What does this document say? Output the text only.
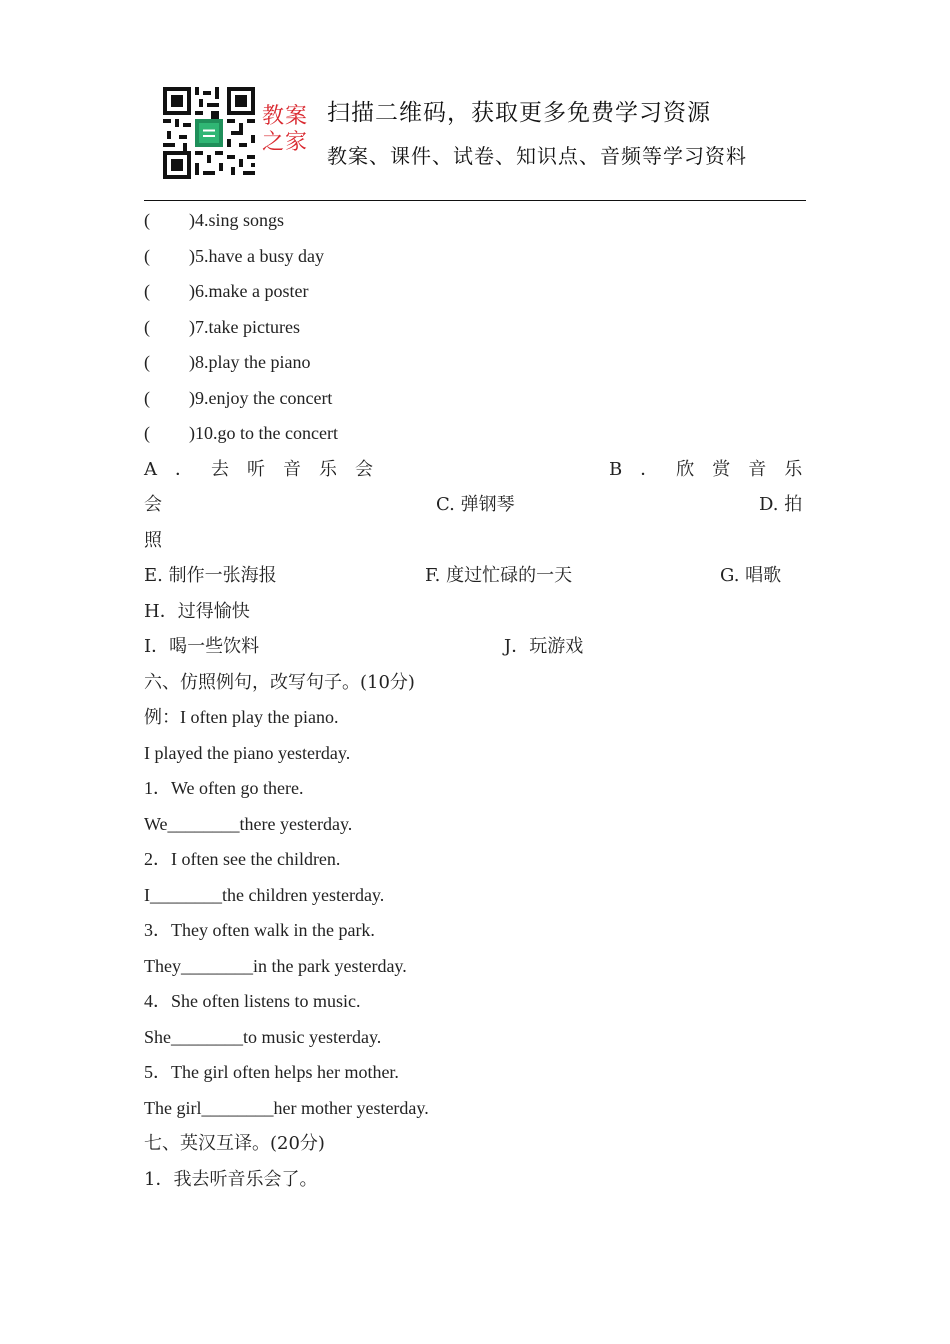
教案之家
扫描二维码，获取更多免费学习资源
教案、课件、试卷、知识点、音频等学习资料
( )4.sing songs
( )5.have a busy day
( )6.make a poster
( )7.take pictures
( )8.play the piano
( )9.enjoy the concert
( )10.go to the concert
A．去听音乐会	B．欣赏音乐
会	C. 弹钢琴	D. 拍
照
E. 制作一张海报	F. 度过忙碌的一天	G. 唱歌
H．过得愉快
I．喝一些饮料	J．玩游戏
六、仿照例句，改写句子。(10分)
例：I often play the piano.
I played the piano yesterday.
1．We often go there.
We________there yesterday.
2．I often see the children.
I________the children yesterday.
3．They often walk in the park.
They________in the park yesterday.
4．She often listens to music.
She________to music yesterday.
5．The girl often helps her mother.
The girl________her mother yesterday.
七、英汉互译。(20分)
1．我去听音乐会了。
